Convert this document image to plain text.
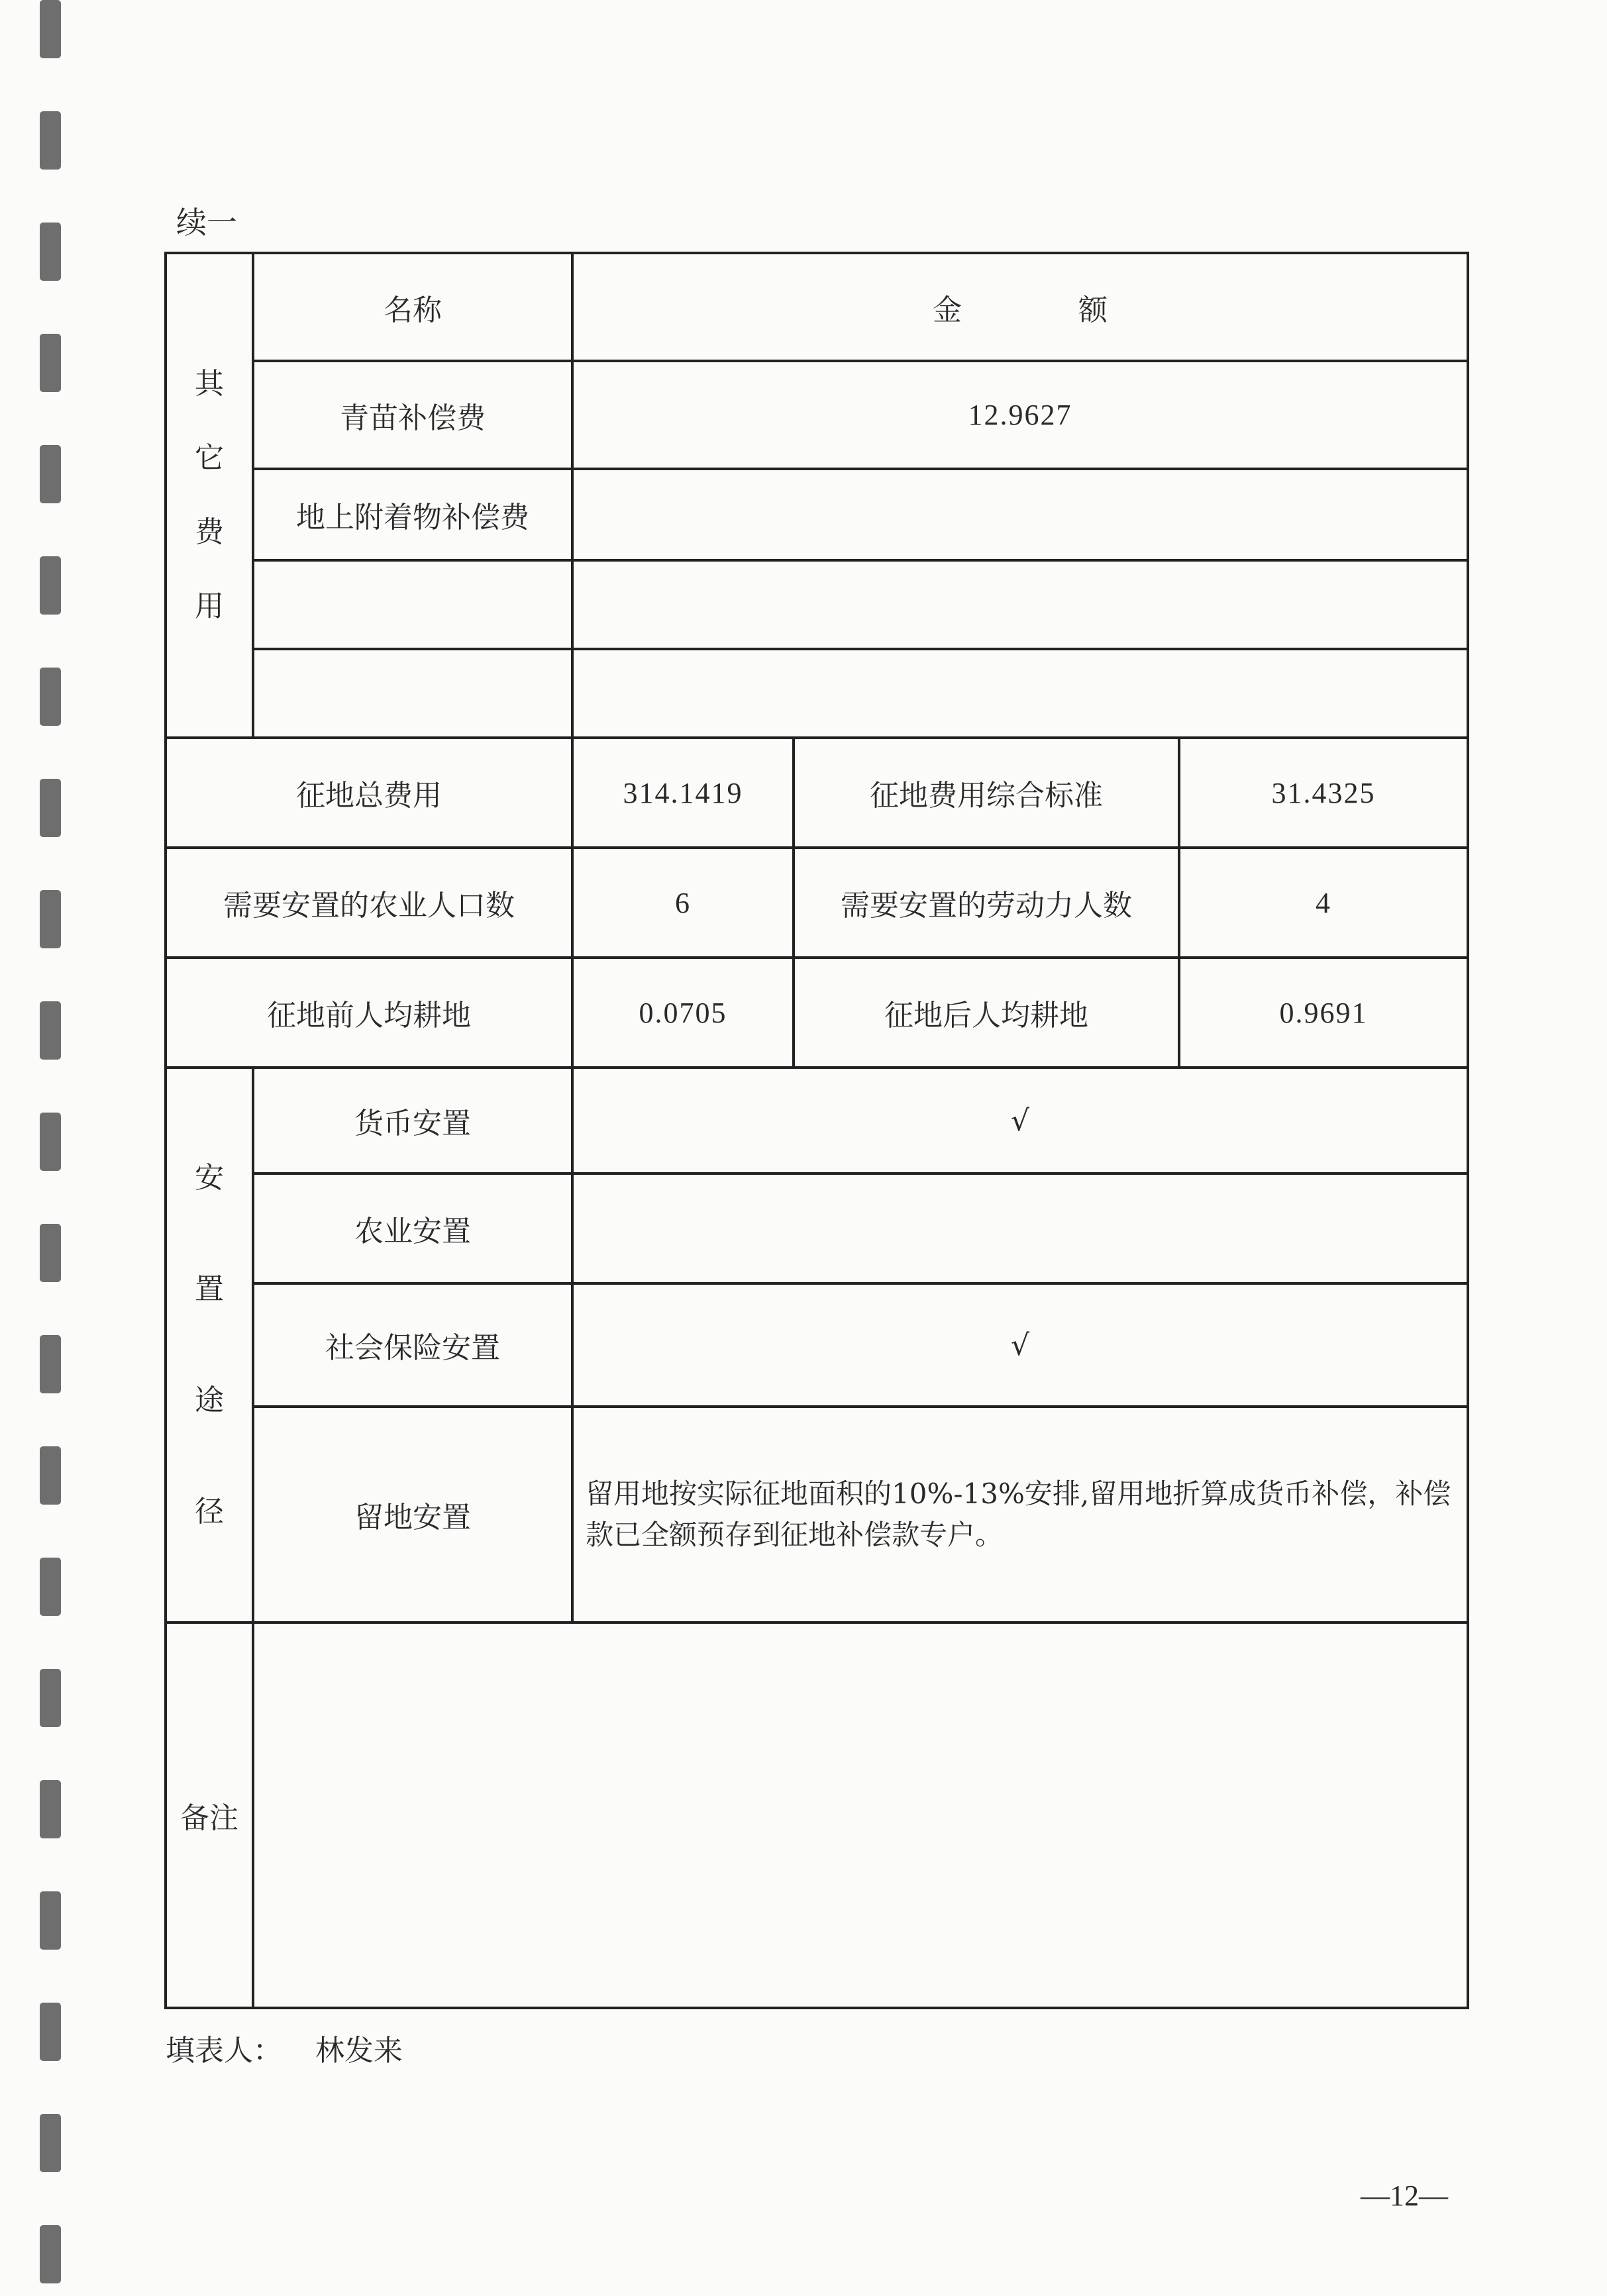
续一
其
它
费
用	名称	金　　　　额		
	青苗补偿费	12.9627		
	地上附着物补偿费			

征地总费用		314.1419	征地费用综合标准	31.4325
需要安置的农业人口数		6	需要安置的劳动力人数	4
征地前人均耕地		0.0705	征地后人均耕地	0.9691

安
置
途
径	货币安置	√		
	农业安置			
	社会保险安置	√		
	留地安置	留用地按实际征地面积的10%-13%安排,留用地折算成货币补偿，补偿款已全额预存到征地补偿款专户。		
备注				
填表人： 林发来
—12—
